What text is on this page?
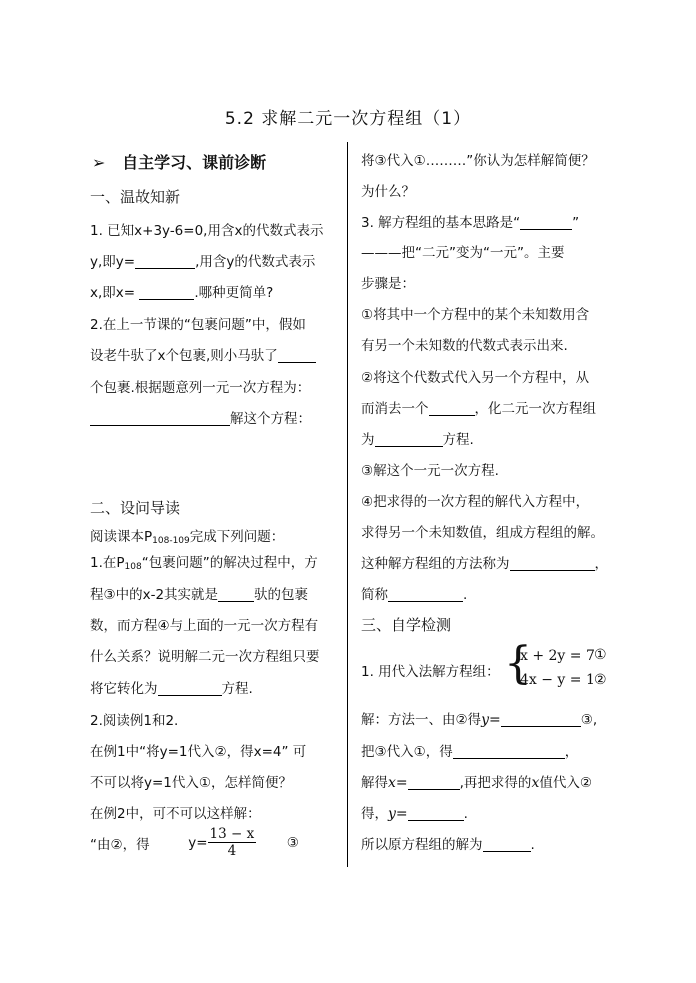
5.2 求解二元一次方程组（1）
➢ 自主学习、课前诊断
一、温故知新
1. 已知x+3y-6=0,用含x的代数式表示
y,即y=	,用含y的代数式表示
x,即x=	.哪种更简单?
2.在上一节课的“包裹问题”中，假如
设老牛驮了x个包裹,则小马驮了
个包裹.根据题意列一元一次方程为：
解这个方程：
二、设问导读
阅读课本$P_{108-109}$完成下列问题：
1.在$P_{108}“$包裹问题”的解决过程中，方
程③中的x-2其实就是	驮的包裹
数，而方程④与上面的一元一次方程有
什么关系？说明解二元一次方程组只要
将它转化为	方程.
2.阅读例1和2.
在例1中“将y=1代入②，得x=4” 可
不可以将y=1代入①，怎样简便？
在例2中，可不可以这样解：
“由②，得	$y= \frac{13 - x}{4}$ ③
将③代入①………”你认为怎样解简便？
为什么？
3. 解方程组的基本思路是“	”
———把“二元”变为“一元”。主要
步骤是：
①将其中一个方程中的某个未知数用含
有另一个未知数的代数式表示出来.
②将这个代数式代入另一个方程中，从
而消去一个	，化二元一次方程组
为	方程.
③解这个一元一次方程.
④把求得的一次方程的解代入方程中，
求得另一个未知数值，组成方程组的解。
这种解方程组的方法称为	，
简称	.
三、自学检测
1. 用代入法解方程组： {
x + 2y = 7 ①
4x − y = 1 ②
解：方法一、由②得y=	③,
把③代入①，得	，
解得x=	,再把求得的x值代入②
得，y=	.
所以原方程组的解为	.
